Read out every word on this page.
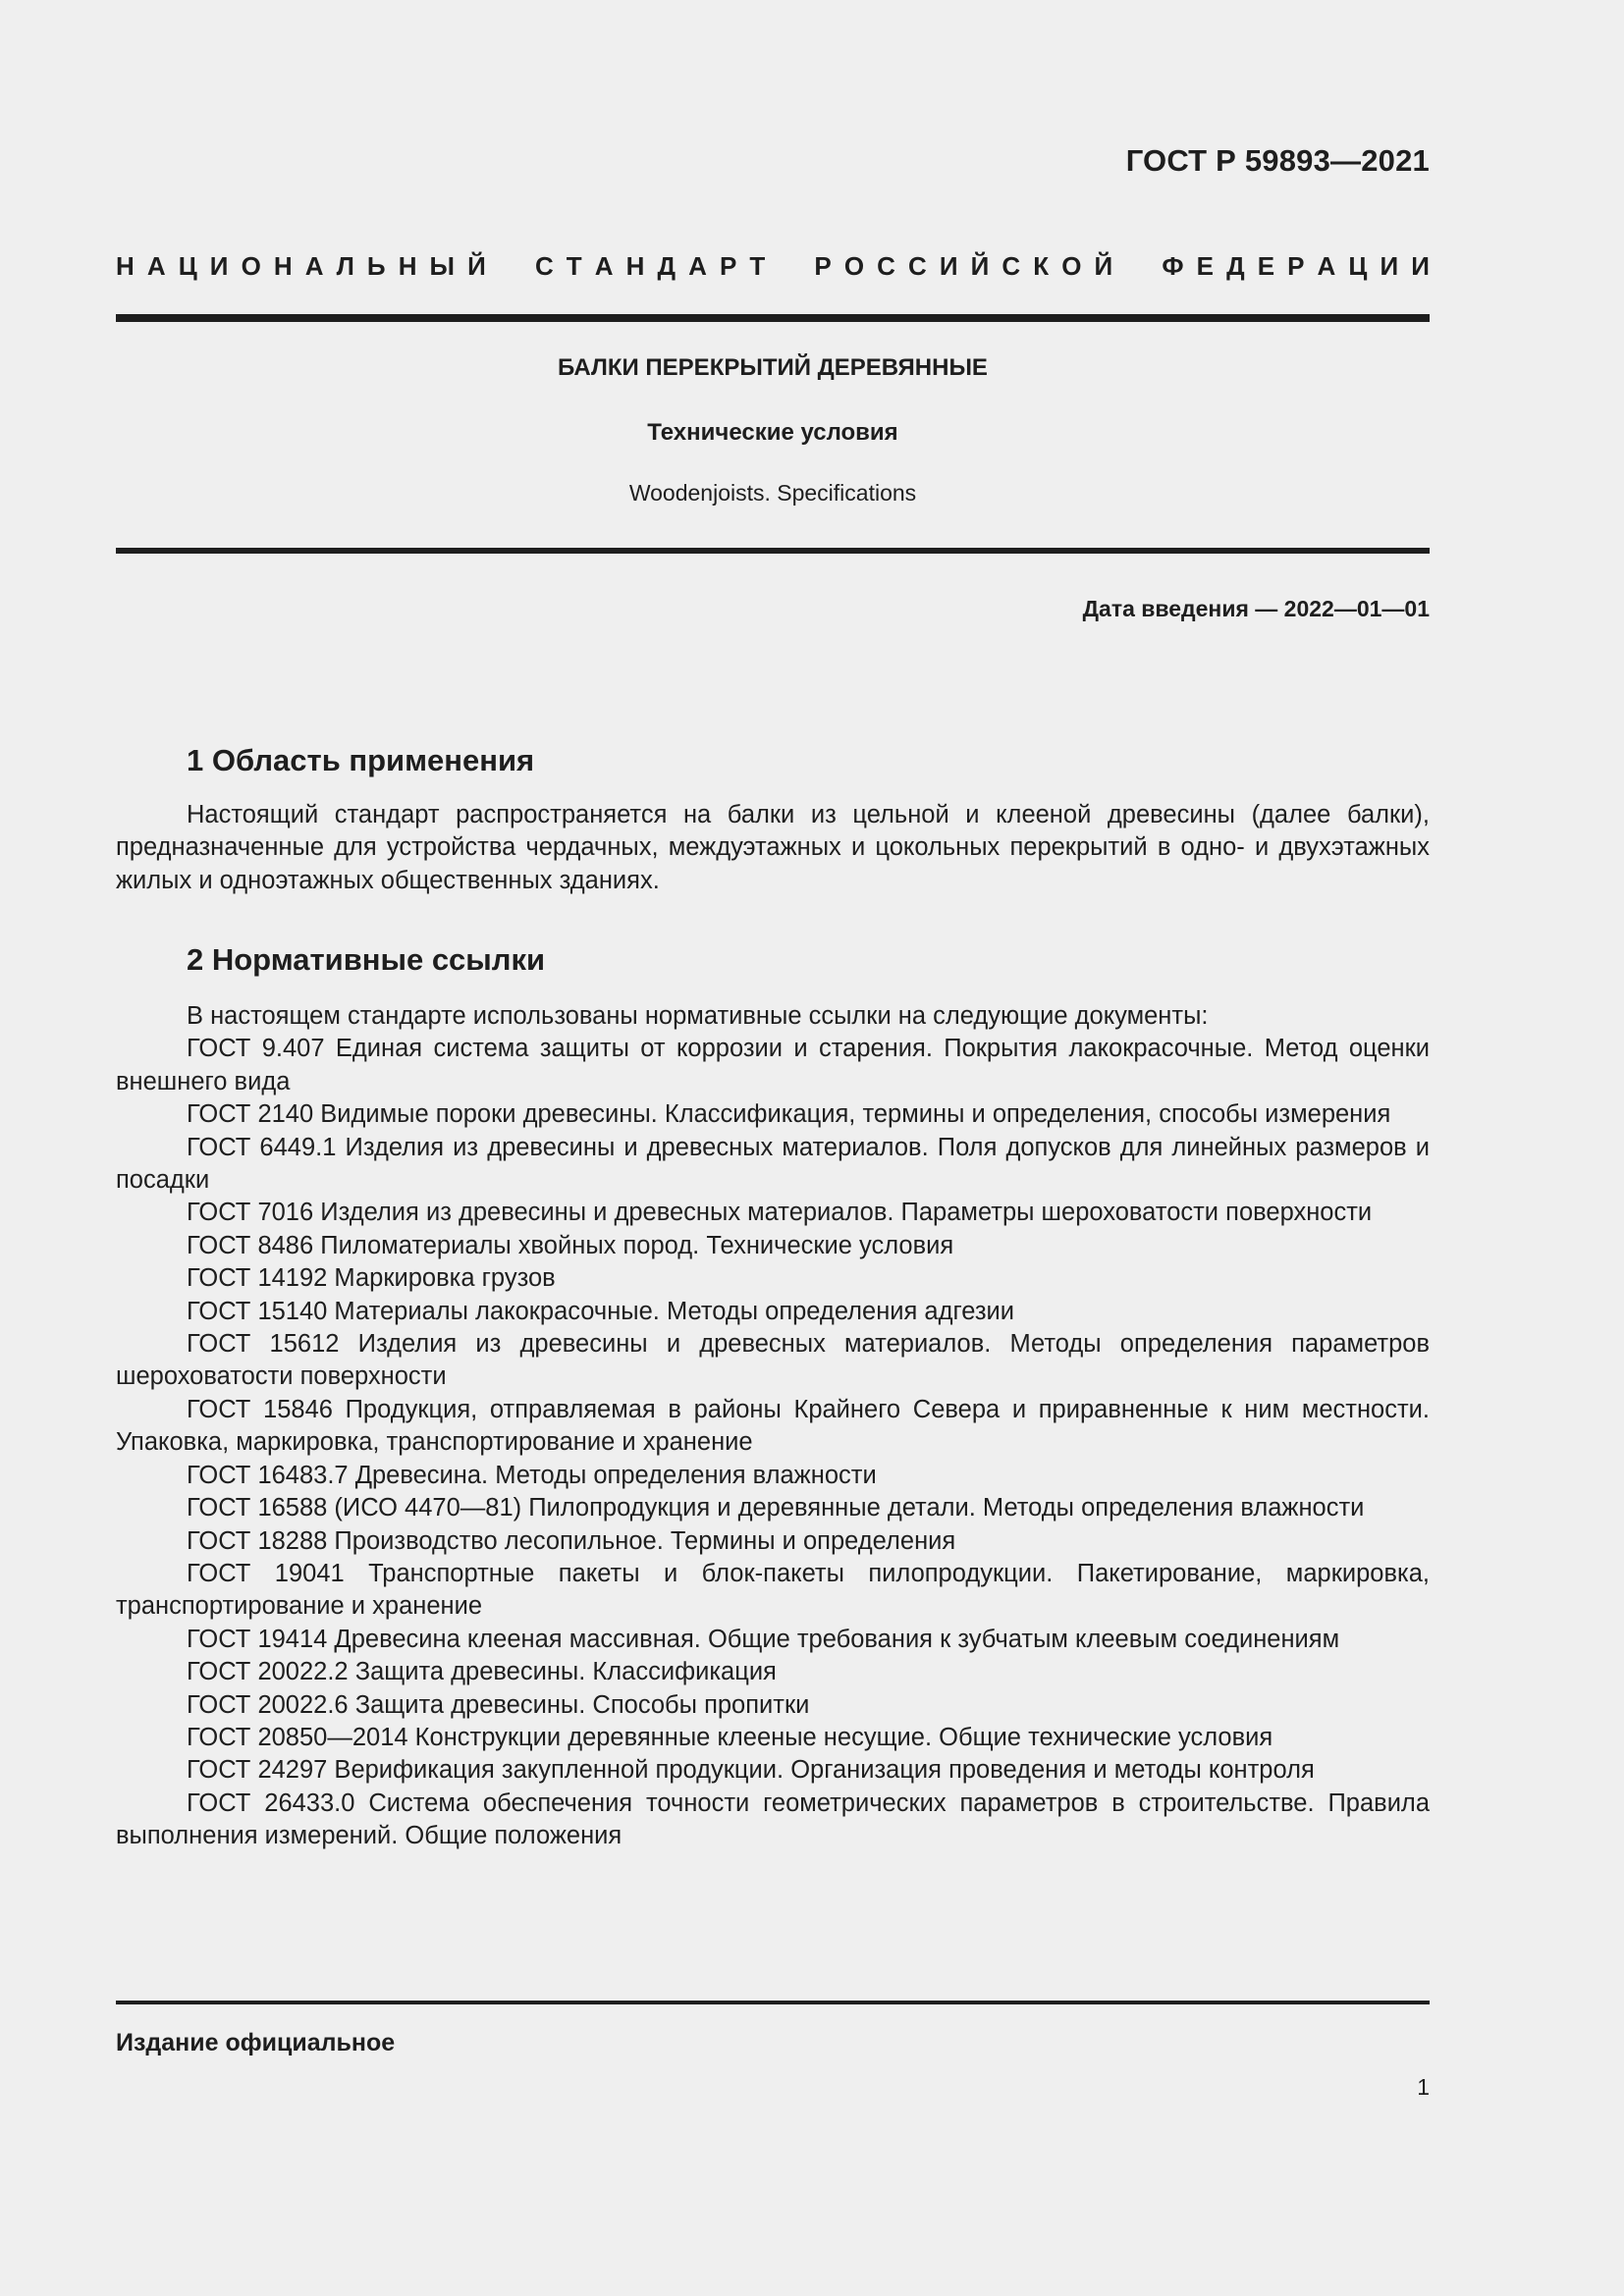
ГОСТ Р 59893—2021
Н А Ц И О Н А Л Ь Н Ы Й С Т А Н Д А Р Т Р О С С И Й С К О Й Ф Е Д Е Р А Ц И И
БАЛКИ ПЕРЕКРЫТИЙ ДЕРЕВЯННЫЕ
Технические условия
Woodenjoists. Specifications
Дата введения — 2022—01—01
1 Область применения

Настоящий стандарт распространяется на балки из цельной и клееной древесины (далее балки), предназначенные для устройства чердачных, междуэтажных и цокольных перекрытий в одно- и двухэтажных жилых и одноэтажных общественных зданиях.

2 Нормативные ссылки

В настоящем стандарте использованы нормативные ссылки на следующие документы:

ГОСТ 9.407 Единая система защиты от коррозии и старения. Покрытия лакокрасочные. Метод оценки внешнего вида

ГОСТ 2140 Видимые пороки древесины. Классификация, термины и определения, способы измерения

ГОСТ 6449.1 Изделия из древесины и древесных материалов. Поля допусков для линейных размеров и посадки

ГОСТ 7016 Изделия из древесины и древесных материалов. Параметры шероховатости поверхности

ГОСТ 8486 Пиломатериалы хвойных пород. Технические условия

ГОСТ 14192 Маркировка грузов

ГОСТ 15140 Материалы лакокрасочные. Методы определения адгезии

ГОСТ 15612 Изделия из древесины и древесных материалов. Методы определения параметров шероховатости поверхности

ГОСТ 15846 Продукция, отправляемая в районы Крайнего Севера и приравненные к ним местности. Упаковка, маркировка, транспортирование и хранение

ГОСТ 16483.7 Древесина. Методы определения влажности

ГОСТ 16588 (ИСО 4470—81) Пилопродукция и деревянные детали. Методы определения влажности

ГОСТ 18288 Производство лесопильное. Термины и определения

ГОСТ 19041 Транспортные пакеты и блок-пакеты пилопродукции. Пакетирование, маркировка, транспортирование и хранение

ГОСТ 19414 Древесина клееная массивная. Общие требования к зубчатым клеевым соединениям

ГОСТ 20022.2 Защита древесины. Классификация

ГОСТ 20022.6 Защита древесины. Способы пропитки

ГОСТ 20850—2014 Конструкции деревянные клееные несущие. Общие технические условия

ГОСТ 24297 Верификация закупленной продукции. Организация проведения и методы контроля

ГОСТ 26433.0 Система обеспечения точности геометрических параметров в строительстве. Правила выполнения измерений. Общие положения

Издание официальное
1
